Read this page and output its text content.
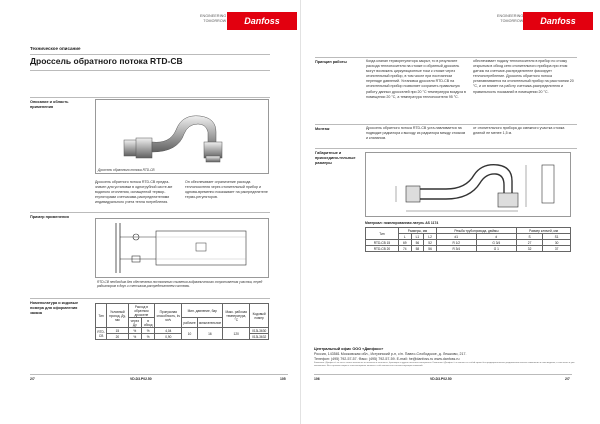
ENGINEERING
TOMORROW	Danfoss
Техническое описание
Дроссель обратного потока RTD-CB
Описание и область применения
Дроссель обратного потока RTD-CB
Дроссель обратного потока RTD-CB предна-значен для установки в однотрубной систе-ме водяного отопления, оснащенной термор-егуляторами счетчиками-распределителями индивидуального учета тепла потребления.
Он обеспечивает ограничение расхода теплоносителя через отопительный прибор и однова-временно показывает на распределителе термо-регуляторов.
Пример применения
RTD-CB необходим для обеспечения постоянного снижения гидравлического сопротивления участка, перед радиатором в двух и счетчиком-распределителем системы.
Номенклатура и кодовые номера для оформления заказа
Тип	Условный проход, Ду, мм	Расход в обратном дросселе		Пропускная способность, kv м³/ч	Мин. давление, бар		Макс. рабочая температура, °C	Кодовый номер
		через Ду	в обход		рабочее	испытательное		
RTD-CB	15	%	%	4,04	10	16	120	013L3630
	20	%	%	0,90				013L3632
2/7	VD.D3.P02.50	105
ENGINEERING
TOMORROW	Danfoss
Принцип работы	Когда клапан терморегулятора закрыт, то в результате расхода теплоносителя на стояке и обратный дроссель могут возникать циркуляционные токи к стояке через отопительный прибор, в том числе при постоянном перепаде давлений. Установка дросселя RTD-CB на отопительный прибор позволяет сохранить правильную работу данных дросселей при 20 °C температура воздуха в помещении 20 °C, а температура теплоносителя 95 °C.
обеспечивает подачу теплоносителя в прибор по стояку открытым в обход сети отопительного прибора при этом датчик на счетчике-распределителе фиксирует теплопотребление. Дроссель обратного потока устанавливается на отопительный прибор на расстоянии 20 °C, и он влияет на работу счетчика-распределителя и правильность показаний в помещении 20 °C.
Монтаж	Дроссель обратного потока RTD-CB уста-навливается на подводке радиатора к выходу из радиатора между стояком и клапаном.
от отопительного прибора до смежного участка стояка длиной не менее 1,5 м.
Габаритные и присоедини-тельные размеры
Материал: никелированная латунь AS 1174
Тип	Размеры, мм			Резьба трубопровода, дюймы		Размер ключей, мм	
	L	L1	L2	d1	d	S	S1
RTD-CB 15	69	56	52	R 1/2	G 3/4	27	30
RTD-CB 20	74	58	56	R 3/4	G 1	32	37
Центральный офис ООО «Данфосс»
Россия, 143581 Московская обл., Истринский р-н, с/п. Павло-Слободское, д. Лешково, 217.
Телефон: (495) 792-57-57. Факс: (495) 792-57-59. E-mail: he@danfoss.ru www.danfoss.ru
Компания «Данфосс» не несет ответственности за опечатки в каталогах, брошюрах и других печатных материалах. Компания «Данфосс» оставляет за собой право без предварительного уведомления вносить изменения в свои изделия, в том числе в уже заказанные. Все торговые марки в этом материале являются собственностью соответствующих компаний.
106	VD.D3.P02.50	2/7
